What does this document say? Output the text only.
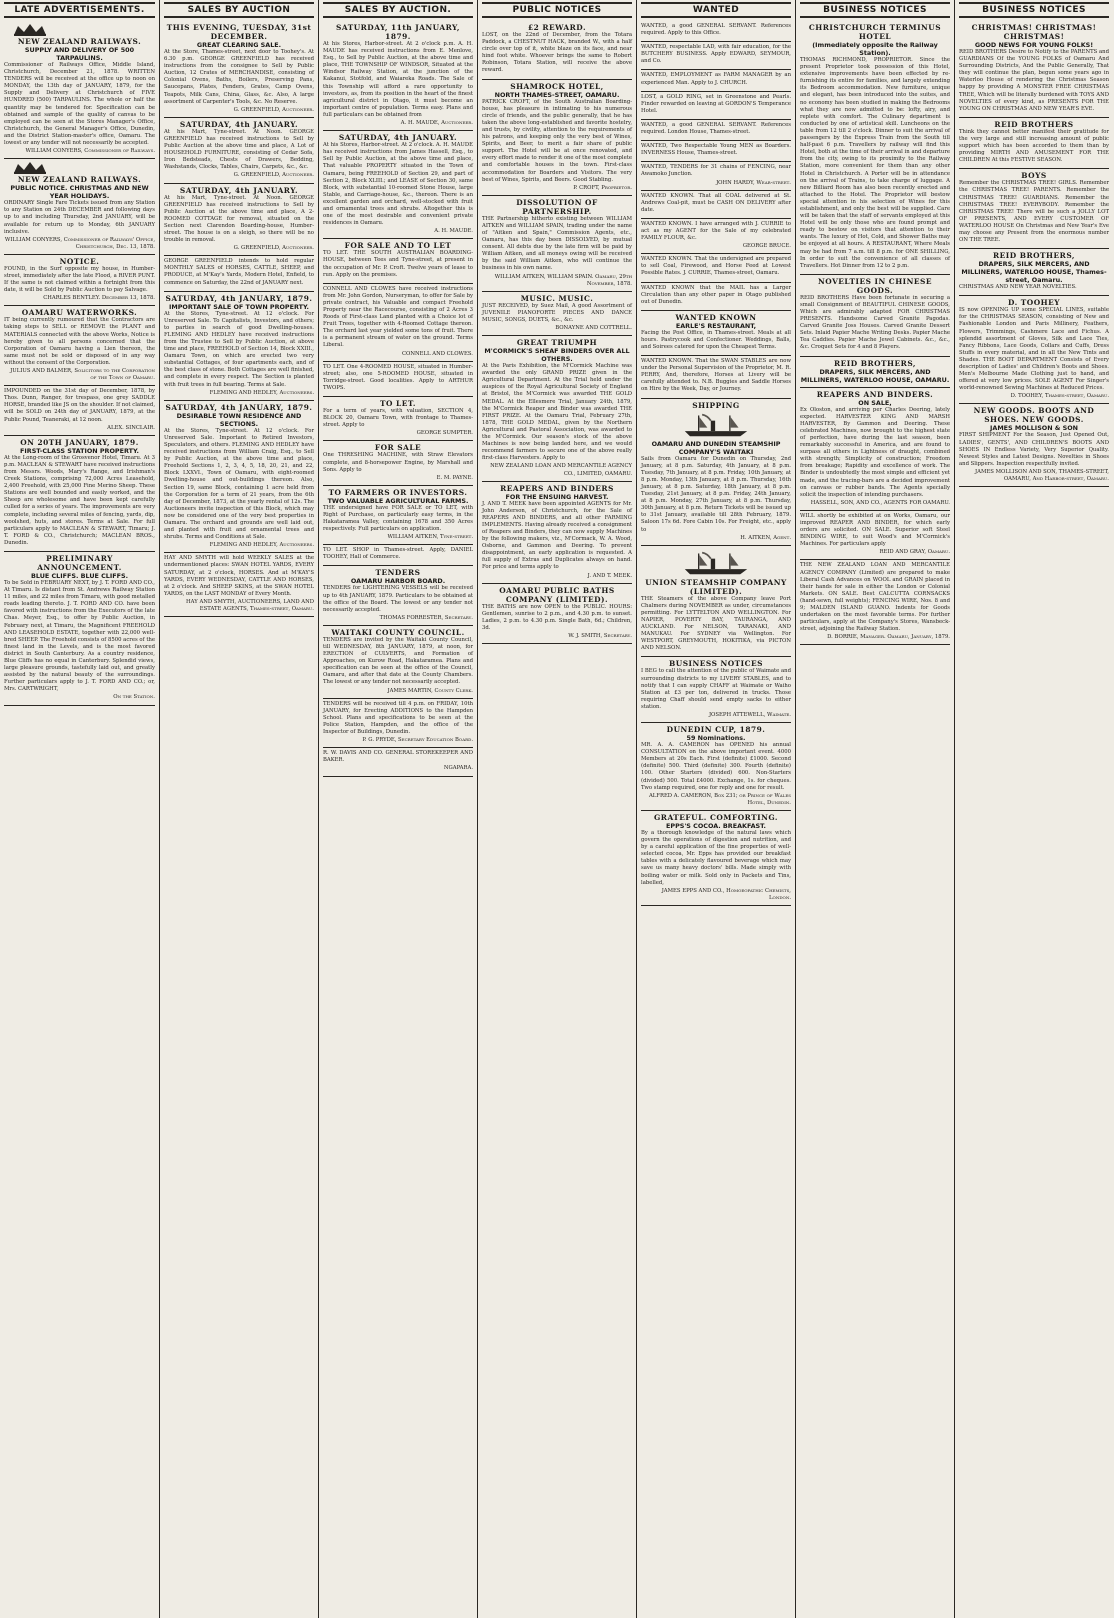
LATE ADVERTISEMENTS.
NEW ZEALAND RAILWAYS.
SUPPLY AND DELIVERY OF 500 TARPAULINS.

Commissioner of Railways Office, Middle Island, Christchurch, December 21, 1878. WRITTEN TENDERS will be received at the office up to noon on MONDAY, the 13th day of JANUARY, 1879, for the Supply and Delivery at Christchurch of FIVE HUNDRED (500) TARPAULINS. The whole or half the quantity may be tendered for. Specification can be obtained and sample of the quality of canvas to be employed can be seen at the Stores Manager's Office, Christchurch, the General Manager's Office, Dunedin, and the District Station-master's office, Oamaru. The lowest or any tender will not necessarily be accepted.

WILLIAM CONYERS, Commissioner of Railways.
NEW ZEALAND RAILWAYS.
PUBLIC NOTICE. CHRISTMAS AND NEW YEAR HOLIDAYS.

ORDINARY Single Fare Tickets issued from any Station to any Station on 24th DECEMBER and following days up to and including Thursday, 2nd JANUARY, will be available for return up to Monday, 6th JANUARY inclusive.

WILLIAM CONYERS, Commissioner of Railways' Office, Christchurch, Dec. 13, 1878.
NOTICE.

FOUND, in the Surf opposite my house, in Humber-street, immediately after the late Flood, a RIVER PUNT. If the same is not claimed within a fortnight from this date, it will be Sold by Public Auction to pay Salvage.

CHARLES BENTLEY. December 13, 1878.
OAMARU WATERWORKS.

IT being currently rumoured that the Contractors are taking steps to SELL or REMOVE the PLANT and MATERIALS connected with the above Works, Notice is hereby given to all persons concerned that the Corporation of Oamaru having a Lien thereon, the same must not be sold or disposed of in any way without the consent of the Corporation.

JULIUS AND BALMER, Solicitors to the Corporation of the Town of Oamaru.

IMPOUNDED on the 31st day of December, 1878, by Thos. Dunn, Ranger, for trespass, one grey SADDLE HORSE, branded like JS on the shoulder. If not claimed, will be SOLD on 24th day of JANUARY, 1879, at the Public Pound, Teaneraki, at 12 noon.

ALEX. SINCLAIR.
ON 20TH JANUARY, 1879.
FIRST-CLASS STATION PROPERTY.

At the Long-room of the Grosvenor Hotel, Timaru. At 3 p.m. MACLEAN & STEWART have received instructions from Messrs. Woods, Mary's Range, and Irishman's Creek Stations, comprising 72,000 Acres Leasehold, 2,400 Freehold, with 25,000 Fine Merino Sheep. These Stations are well bounded and easily worked, and the Sheep are wholesome and have been kept carefully culled for a series of years. The improvements are very complete, including several miles of fencing, yards, dip, woolshed, huts, and stores. Terms at Sale. For full particulars apply to MACLEAN & STEWART, Timaru; J. T. FORD & CO., Christchurch; MACLEAN BROS., Dunedin.

PRELIMINARY ANNOUNCEMENT.
BLUE CLIFFS. BLUE CLIFFS.

To be Sold in FEBRUARY NEXT, by J. T. FORD AND CO., At Timaru. Is distant from St. Andrews Railway Station 11 miles, and 22 miles from Timaru, with good metalled roads leading thereto. J. T. FORD AND CO. have been favored with instructions from the Executors of the late Chas. Meyer, Esq., to offer by Public Auction, in February next, at Timaru, the Magnificent FREEHOLD AND LEASEHOLD ESTATE, together with 22,000 well-bred SHEEP. The Freehold consists of 8500 acres of the finest land in the Levels, and is the most favored district in South Canterbury. As a country residence, Blue Cliffs has no equal in Canterbury. Splendid views, large pleasure grounds, tastefully laid out, and greatly assisted by the natural beauty of the surroundings. Further particulars apply to J. T. FORD AND CO.; or, Mrs. CARTWRIGHT,

On the Station.
SALES BY AUCTION
THIS EVENING, TUESDAY, 31st DECEMBER.
GREAT CLEARING SALE.

At the Store, Thames-street, next door to Toohey's. At 6.30 p.m. GEORGE GREENFIELD has received instructions from the consignee to Sell by Public Auction, 12 Crates of MERCHANDISE, consisting of Colonial Ovens, Baths, Boilers, Preserving Pans, Saucepans, Plates, Fenders, Grates, Camp Ovens, Teapots, Milk Cans, China, Glass, &c. Also, A large assortment of Carpenter's Tools, &c. No Reserve.

G. GREENFIELD, Auctioneer.
SATURDAY, 4th JANUARY.

At his Mart, Tyne-street. At Noon. GEORGE GREENFIELD has received instructions to Sell by Public Auction at the above time and place, A Lot of HOUSEHOLD FURNITURE, consisting of Cedar Sofa, Iron Bedsteads, Chests of Drawers, Bedding, Washstands, Clocks, Tables, Chairs, Carpets, &c., &c.

G. GREENFIELD, Auctioneer.
SATURDAY, 4th JANUARY.

At his Mart, Tyne-street. At Noon. GEORGE GREENFIELD has received instructions to Sell by Public Auction at the above time and place, A 2-ROOMED COTTAGE for removal, situated on the Section next Clarendon Boarding-house, Humber-street. The house is on a sleigh, so there will be no trouble in removal.

G. GREENFIELD, Auctioneer.

GEORGE GREENFIELD intends to hold regular MONTHLY SALES of HORSES, CATTLE, SHEEP, and PRODUCE, at M'Kay's Yards, Modern Hotel, Enfield, to commence on Saturday, the 22nd of JANUARY next.

SATURDAY, 4th JANUARY, 1879.
IMPORTANT SALE OF TOWN PROPERTY.

At the Stores, Tyne-street. At 12 o'clock. For Unreserved Sale. To Capitalists, Investors, and others; to parties in search of good Dwelling-houses. FLEMING AND HEDLEY have received instructions from the Trustee to Sell by Public Auction, at above time and place, FREEHOLD of Section 14, Block XXIII., Oamaru Town, on which are erected two very substantial Cottages, of four apartments each, and of the best class of stone. Both Cottages are well finished, and complete in every respect. The Section is planted with fruit trees in full bearing. Terms at Sale.

FLEMING AND HEDLEY, Auctioneers.
SATURDAY, 4th JANUARY, 1879.
DESIRABLE TOWN RESIDENCE AND SECTIONS.

At the Stores, Tyne-street. At 12 o'clock. For Unreserved Sale. Important to Retired Investors, Speculators, and others. FLEMING AND HEDLEY have received instructions from William Craig, Esq., to Sell by Public Auction, at the above time and place, Freehold Sections 1, 2, 3, 4, 5, 18, 20, 21, and 22, Block LXXVI., Town of Oamaru, with eight-roomed Dwelling-house and out-buildings thereon. Also, Section 19, same Block, containing 1 acre held from the Corporation for a term of 21 years, from the 6th day of December, 1873, at the yearly rental of 12s. The Auctioneers invite inspection of this Block, which may now be considered one of the very best properties in Oamaru. The orchard and grounds are well laid out, and planted with fruit and ornamental trees and shrubs. Terms and Conditions at Sale.

FLEMING AND HEDLEY, Auctioneers.

HAY AND SMYTH will hold WEEKLY SALES at the undermentioned places: SWAN HOTEL YARDS, EVERY SATURDAY, at 2 o'clock, HORSES. And at M'KAY'S YARDS, EVERY WEDNESDAY, CATTLE AND HORSES, at 2 o'clock. And SHEEP SKINS, at the SWAN HOTEL YARDS, on the LAST MONDAY of Every Month.

HAY AND SMYTH, AUCTIONEERS, LAND AND ESTATE AGENTS, Thames-street, Oamaru.
SALES BY AUCTION.
SATURDAY, 11th JANUARY, 1879.

At his Stores, Harbor-street. At 2 o'clock p.m. A. H. MAUDE has received instructions from E. Menlove, Esq., to Sell by Public Auction, at the above time and place, THE TOWNSHIP OF WINDSOR, Situated at the Windsor Railway Station, at the junction of the Kakanui, Stotfold, and Waiareka Roads. The Sale of this Township will afford a rare opportunity to investors, as, from its position in the heart of the finest agricultural district in Otago, it must become an important centre of population. Terms easy. Plans and full particulars can be obtained from

A. H. MAUDE, Auctioneer.
SATURDAY, 4th JANUARY.

At his Stores, Harbor-street. At 2 o'clock. A. H. MAUDE has received instructions from James Hassell, Esq., to Sell by Public Auction, at the above time and place, That valuable PROPERTY situated in the Town of Oamaru, being FREEHOLD of Section 29, and part of Section 2, Block XLIII.; and LEASE of Section 30, same Block, with substantial 10-roomed Stone House, large Stable, and Carriage-house, &c., thereon. There is an excellent garden and orchard, well-stocked with fruit and ornamental trees and shrubs. Altogether this is one of the most desirable and convenient private residences in Oamaru.

A. H. MAUDE.
FOR SALE AND TO LET

TO LET. THE SOUTH AUSTRALIAN BOARDING-HOUSE, between Tees and Tyne-street, at present in the occupation of Mr. P. Croft. Twelve years of lease to run. Apply on the premises.

CONNELL AND CLOWES have received instructions from Mr. John Gordon, Nurseryman, to offer for Sale by private contract, his Valuable and compact Freehold Property near the Racecourse, consisting of 2 Acres 3 Roods of First-class Land planted with a Choice lot of Fruit Trees, together with 4-Roomed Cottage thereon. The orchard last year yielded some tons of fruit. There is a permanent stream of water on the ground. Terms Liberal.

CONNELL AND CLOWES.

TO LET. One 4-ROOMED HOUSE, situated in Humber-street; also, one 5-ROOMED HOUSE, situated in Torridge-street. Good localities. Apply to ARTHUR TWOPS.

TO LET.

For a term of years, with valuation, SECTION 4, BLOCK 20, Oamaru Town, with frontage to Thames-street. Apply to

GEORGE SUMPTER.
FOR SALE

One THRESHING MACHINE, with Straw Elevators complete, and 8-horsepower Engine, by Marshall and Sons. Apply to

E. M. PAYNE.
TO FARMERS OR INVESTORS.
TWO VALUABLE AGRICULTURAL FARMS.

THE undersigned have FOR SALE or TO LET, with Right of Purchase, on particularly easy terms, in the Hakataramea Valley, containing 1678 and 350 Acres respectively. Full particulars on application.

WILLIAM AITKEN, Tyne-street.

TO LET. SHOP in Thames-street. Apply, DANIEL TOOHEY, Hall of Commerce.

TENDERS
OAMARU HARBOR BOARD.

TENDERS for LIGHTERING VESSELS will be received up to 4th JANUARY, 1879. Particulars to be obtained at the office of the Board. The lowest or any tender not necessarily accepted.

THOMAS FORRESTER, Secretary.
WAITAKI COUNTY COUNCIL.

TENDERS are invited by the Waitaki County Council, till WEDNESDAY, 8th JANUARY, 1879, at noon, for ERECTION of CULVERTS, and Formation of Approaches, on Kurow Road, Hakataramea. Plans and specification can be seen at the office of the Council, Oamaru, and after that date at the County Chambers. The lowest or any tender not necessarily accepted.

JAMES MARTIN, County Clerk.

TENDERS will be received till 4 p.m. on FRIDAY, 10th JANUARY, for Erecting ADDITIONS to the Hampden School. Plans and specifications to be seen at the Police Station, Hampden, and the office of the Inspector of Buildings, Dunedin.

P. G. PRYDE, Secretary Education Board.

R. W. DAVIS AND CO. GENERAL STOREKEEPER AND BAKER.

NGAPARA.
PUBLIC NOTICES
£2 REWARD.

LOST, on the 22nd of December, from the Totara Paddock, a CHESTNUT HACK, branded W., with a half circle over top of it, white blaze on its face, and near hind foot white. Whoever brings the same to Robert Robinson, Totara Station, will receive the above reward.

SHAMROCK HOTEL,
NORTH THAMES-STREET, OAMARU.

PATRICK CROFT, of the South Australian Boarding-house, has pleasure in intimating to his numerous circle of friends, and the public generally, that he has taken the above long-established and favorite hostelry, and trusts, by civility, attention to the requirements of his patrons, and keeping only the very best of Wines, Spirits, and Beer, to merit a fair share of public support. The Hotel will be at once renovated, and every effort made to render it one of the most complete and comfortable houses in the town. First-class accommodation for Boarders and Visitors. The very best of Wines, Spirits, and Beers. Good Stabling.

P. CROFT, Proprietor.
DISSOLUTION OF PARTNERSHIP.

THE Partnership hitherto existing between WILLIAM AITKEN and WILLIAM SPAIN, trading under the name of "Aitken and Spain," Commission Agents, etc., Oamaru, has this day been DISSOLVED, by mutual consent. All debts due by the late firm will be paid by William Aitken, and all moneys owing will be received by the said William Aitken, who will continue the business in his own name.

WILLIAM AITKEN, WILLIAM SPAIN. Oamaru, 29th November, 1878.
MUSIC. MUSIC.

JUST RECEIVED, by Suez Mail, A good Assortment of JUVENILE PIANOFORTE PIECES AND DANCE MUSIC, SONGS, DUETS, &c., &c.

BONAYNE AND COTTRELL.
GREAT TRIUMPH
M'CORMICK'S SHEAF BINDERS OVER ALL OTHERS.

At the Paris Exhibition, the M'Cormick Machine was awarded the only GRAND PRIZE given in the Agricultural Department. At the Trial held under the auspices of the Royal Agricultural Society of England at Bristol, the M'Cormick was awarded THE GOLD MEDAL. At the Ellesmere Trial, January 24th, 1879, the M'Cormick Reaper and Binder was awarded THE FIRST PRIZE. At the Oamaru Trial, February 27th, 1878, THE GOLD MEDAL, given by the Northern Agricultural and Pastoral Association, was awarded to the M'Cormick. Our season's stock of the above Machines is now being landed here, and we would recommend farmers to secure one of the above really first-class Harvesters. Apply to

NEW ZEALAND LOAN AND MERCANTILE AGENCY CO., LIMITED, OAMARU.
REAPERS AND BINDERS
FOR THE ENSUING HARVEST.

J. AND T. MEEK have been appointed AGENTS for Mr. John Anderson, of Christchurch, for the Sale of REAPERS AND BINDERS, and all other FARMING IMPLEMENTS. Having already received a consignment of Reapers and Binders, they can now supply Machines by the following makers, viz., M'Cormack, W. A. Wood, Osborne, and Gammon and Deering. To prevent disappointment, an early application is requested. A full supply of Extras and Duplicates always on hand. For price and terms apply to

J. AND T. MEEK.
OAMARU PUBLIC BATHS COMPANY (LIMITED).

THE BATHS are now OPEN to the PUBLIC. HOURS: Gentlemen, sunrise to 2 p.m., and 4.30 p.m. to sunset. Ladies, 2 p.m. to 4.30 p.m. Single Bath, 6d.; Children, 3d.

W. J. SMITH, Secretary.
WANTED

WANTED, a good GENERAL SERVANT. References required. Apply to this Office.

WANTED, respectable LAD, with fair education, for the BUTCHERY BUSINESS. Apply EDWARD, SEYMOUR, and Co.

WANTED, EMPLOYMENT as FARM MANAGER by an experienced Man. Apply to J. CHURCH.

LOST, a GOLD RING, set in Greenstone and Pearls. Finder rewarded on leaving at GORDON'S Temperance Hotel.

WANTED, a good GENERAL SERVANT. References required. London House, Thames-street.

WANTED, Two Respectable Young MEN as Boarders. INVERNESS House, Thames-street.

WANTED, TENDERS for 31 chains of FENCING, near Awamoko Junction.

JOHN HARDY, Wear-street.

WANTED KNOWN. That all COAL delivered at St. Andrews Coal-pit, must be CASH ON DELIVERY after date.

WANTED KNOWN. I have arranged with J. CURRIE to act as my AGENT for the Sale of my celebrated FAMILY FLOUR, &c.

GEORGE BRUCE.

WANTED KNOWN. That the undersigned are prepared to sell Coal, Firewood, and Horse Feed at Lowest Possible Rates. J. CURRIE, Thames-street, Oamaru.

WANTED KNOWN that the MAIL has a Larger Circulation than any other paper in Otago published out of Dunedin.

WANTED KNOWN
EARLE'S RESTAURANT,

Facing the Post Office, in Thames-street. Meals at all hours. Pastrycook and Confectioner. Weddings, Balls, and Soirees catered for upon the Cheapest Terms.

WANTED KNOWN. That the SWAN STABLES are now under the Personal Supervision of the Proprietor, M. R. PERRY, And, therefore, Horses at Livery will be carefully attended to. N.B. Buggies and Saddle Horses on Hire by the Week, Day, or Journey.

SHIPPING
OAMARU AND DUNEDIN STEAMSHIP COMPANY'S WAITAKI

Sails from Oamaru for Dunedin on Thursday, 2nd January, at 8 p.m. Saturday, 4th January, at 8 p.m. Tuesday, 7th January, at 8 p.m. Friday, 10th January, at 8 p.m. Monday, 13th January, at 8 p.m. Thursday, 16th January, at 8 p.m. Saturday, 18th January, at 8 p.m. Tuesday, 21st January, at 8 p.m. Friday, 24th January, at 8 p.m. Monday, 27th January, at 8 p.m. Thursday, 30th January, at 8 p.m. Return Tickets will be issued up to 31st January, available till 28th February, 1879. Saloon 17s 6d. Fore Cabin 10s. For Freight, etc., apply to

H. AITKEN, Agent.
UNION STEAMSHIP COMPANY (LIMITED).

THE Steamers of the above Company leave Port Chalmers during NOVEMBER as under, circumstances permitting. For LYTTELTON AND WELLINGTON. For NAPIER, POVERTY BAY, TAURANGA, AND AUCKLAND. For NELSON, TARANAKI, AND MANUKAU. For SYDNEY via Wellington. For WESTPORT, GREYMOUTH, HOKITIKA, via PICTON AND NELSON.

BUSINESS NOTICES

I BEG to call the attention of the public of Waimate and surrounding districts to my LIVERY STABLES, and to notify that I can supply CHAFF at Waimate or Waiho Station at £3 per ton, delivered in trucks. Those requiring Chaff should send empty sacks to either station.

JOSEPH ATTEWELL, Waimate.
DUNEDIN CUP, 1879.
59 Nominations.

MR. A. A. CAMERON has OPENED his annual CONSULTATION on the above important event. 4000 Members at 20s Each. First (definite) £1000. Second (definite) 500. Third (definite) 300. Fourth (definite) 100. Other Starters (divided) 600. Non-Starters (divided) 500. Total £4000. Exchange, 1s. for cheques. Two stamp required, one for reply and one for result.

ALFRED A. CAMERON, Box 231; or Prince of Wales Hotel, Dunedin.
GRATEFUL. COMFORTING.
EPPS'S COCOA. BREAKFAST.

By a thorough knowledge of the natural laws which govern the operations of digestion and nutrition, and by a careful application of the fine properties of well-selected cocoa, Mr. Epps has provided our breakfast tables with a delicately flavoured beverage which may save us many heavy doctors' bills. Made simply with boiling water or milk. Sold only in Packets and Tins, labelled,

JAMES EPPS AND CO., Homoeopathic Chemists, London.
BUSINESS NOTICES
CHRISTCHURCH TERMINUS HOTEL
(Immediately opposite the Railway Station).

THOMAS RICHMOND, PROPRIETOR. Since the present Proprietor took possession of this Hotel, extensive improvements have been effected by re-furnishing its entire for families, and largely extending its Bedroom accommodation. New furniture, unique and elegant, has been introduced into the suites, and no economy has been studied in making the Bedrooms what they are now admitted to be: lofty, airy, and replete with comfort. The Culinary department is conducted by one of artistical skill. Luncheons on the table from 12 till 2 o'clock. Dinner to suit the arrival of passengers by the Express Train from the South till half-past 6 p.m. Travellers by railway will find this Hotel, both at the time of their arrival in and departure from the city, owing to its proximity to the Railway Station, more convenient for them than any other Hotel in Christchurch. A Porter will be in attendance on the arrival of Trains, to take charge of luggage. A new Billiard Room has also been recently erected and attached to the Hotel. The Proprietor will bestow special attention in his selection of Wines for this establishment, and only the best will be supplied. Care will be taken that the staff of servants employed at this Hotel will be only those who are found prompt and ready to bestow on visitors that attention to their wants. The luxury of Hot, Cold, and Shower Baths may be enjoyed at all hours. A RESTAURANT, Where Meals may be had from 7 a.m. till 8 p.m. for ONE SHILLING, In order to suit the convenience of all classes of Travellers. Hot Dinner from 12 to 2 p.m.

NOVELTIES IN CHINESE GOODS.

REID BROTHERS Have been fortunate in securing a small Consignment of BEAUTIFUL CHINESE GOODS, Which are admirably adapted FOR CHRISTMAS PRESENTS. Handsome Carved Granite Pagodas. Carved Granite Joss Houses. Carved Granite Dessert Sets. Inlaid Papier Mache Writing Desks. Papier Mache Tea Caddies. Papier Mache Jewel Cabinets. &c., &c., &c. Croquet Sets for 4 and 8 Players.

REID BROTHERS,
DRAPERS, SILK MERCERS, AND MILLINERS, WATERLOO HOUSE, OAMARU.
REAPERS AND BINDERS.
ON SALE,

Ex Oloston, and arriving per Charles Deering, lately expected. HARVESTER KING AND MARSH HARVESTER, By Gammon and Deering. These celebrated Machines, now brought to the highest state of perfection, have during the last season, been remarkably successful in America, and are found to surpass all others in Lightness of draught, combined with strength; Simplicity of construction; Freedom from breakage; Rapidity and excellence of work. The Binder is undoubtedly the most simple and efficient yet made, and the tracing-bars are a decided improvement on canvass or rubber bands. The Agents specially solicit the inspection of intending purchasers.

HASSELL, SON, AND CO., AGENTS FOR OAMARU.

WILL shortly be exhibited at on Works, Oamaru, our improved REAPER AND BINDER, for which early orders are solicited. ON SALE. Superior soft Steel BINDING WIRE, to suit Wood's and M'Cormick's Machines. For particulars apply

REID AND GRAY, Oamaru.

THE NEW ZEALAND LOAN AND MERCANTILE AGENCY COMPANY (Limited) are prepared to make Liberal Cash Advances on WOOL and GRAIN placed in their hands for sale in either the London or Colonial Markets. ON SALE. Best CALCUTTA CORNSACKS (hand-sewn, full weights); FENCING WIRE, Nos. 8 and 9; MALDEN ISLAND GUANO. Indents for Goods undertaken on the most favorable terms. For further particulars, apply at the Company's Stores, Wansbeck-street, adjoining the Railway Station.

D. BORRIE, Manager. Oamaru, January, 1879.
BUSINESS NOTICES
CHRISTMAS! CHRISTMAS! CHRISTMAS!
GOOD NEWS FOR YOUNG FOLKS!

REID BROTHERS Desire to Notify to the PARENTS and GUARDIANS Of the YOUNG FOLKS of Oamaru And Surrounding Districts, And the Public Generally, That they will continue the plan, begun some years ago in Waterloo House of rendering the Christmas Season happy by providing A MONSTER FREE CHRISTMAS TREE, Which will be literally burdened with TOYS AND NOVELTIES of every kind, as PRESENTS FOR THE YOUNG ON CHRISTMAS AND NEW YEAR'S EVE.

REID BROTHERS

Think they cannot better manifest their gratitude for the very large and still increasing amount of public support which has been accorded to them than by providing MIRTH AND AMUSEMENT FOR THE CHILDREN At this FESTIVE SEASON.

BOYS

Remember the CHRISTMAS TREE! GIRLS. Remember the CHRISTMAS TREE! PARENTS. Remember the CHRISTMAS TREE! GUARDIANS. Remember the CHRISTMAS TREE! EVERYBODY. Remember the CHRISTMAS TREE! There will be such a JOLLY LOT OF PRESENTS, AND EVERY CUSTOMER OF WATERLOO HOUSE On Christmas and New Year's Eve may choose any Present from the enormous number ON THE TREE.

REID BROTHERS,
DRAPERS, SILK MERCERS, AND MILLINERS, WATERLOO HOUSE, Thames-street, Oamaru.

CHRISTMAS AND NEW YEAR NOVELTIES.

D. TOOHEY

IS now OPENING UP some SPECIAL LINES, suitable for the CHRISTMAS SEASON, consisting of New and Fashionable London and Paris Millinery, Feathers, Flowers, Trimmings, Cashmere Lace and Fichus. A splendid assortment of Gloves, Silk and Lace Ties, Fancy Ribbons, Lace Goods, Collars and Cuffs, Dress Stuffs in every material, and in all the New Tints and Shades. THE BOOT DEPARTMENT Consists of Every description of Ladies' and Children's Boots and Shoes. Men's Melbourne Made Clothing just to hand, and offered at very low prices. SOLE AGENT For Singer's world-renowned Sewing Machines at Reduced Prices.

D. TOOHEY, Thames-street, Oamaru.
NEW GOODS. BOOTS AND SHOES. NEW GOODS.
JAMES MOLLISON & SON

FIRST SHIPMENT For the Season, Just Opened Out, LADIES', GENTS', AND CHILDREN'S BOOTS AND SHOES IN Endless Variety, Very Superior Quality. Newest Styles and Latest Designs. Novelties in Shoes and Slippers. Inspection respectfully invited.

JAMES MOLLISON AND SON, THAMES-STREET, OAMARU, And Harbor-street, Oamaru.
